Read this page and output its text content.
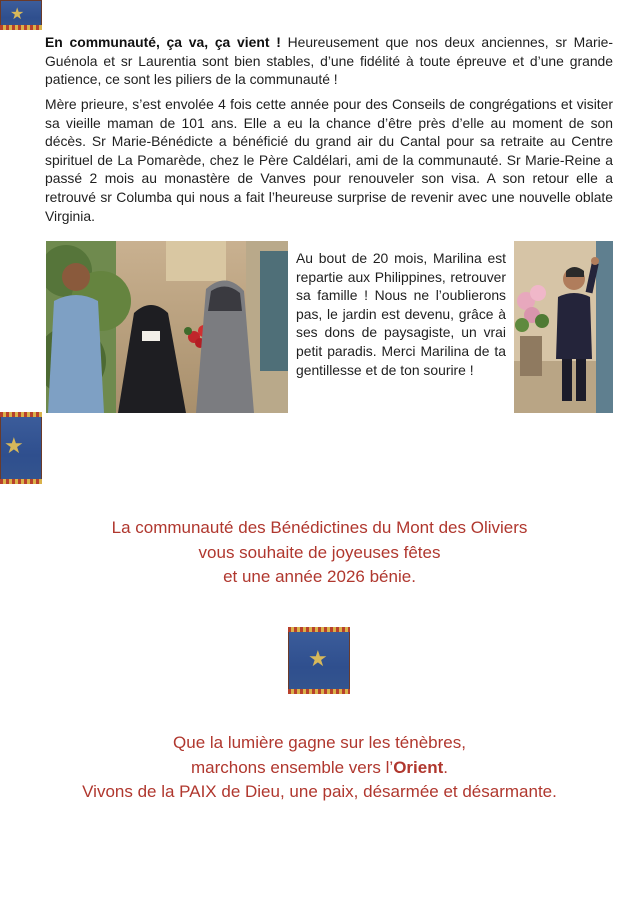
★

En communauté, ça va, ça vient ! Heureusement que nos deux anciennes, sr Marie-Guénola et sr Laurentia sont bien stables, d’une fidélité à toute épreuve et d’une grande patience, ce sont les piliers de la communauté !

Mère prieure, s’est envolée 4 fois cette année pour des Conseils de congrégations et visiter sa vieille maman de 101 ans. Elle a eu la chance d’être près d’elle au moment de son décès. Sr Marie-Bénédicte a bénéficié du grand air du Cantal pour sa retraite au Centre spirituel de La Pomarède, chez le Père Caldélari, ami de la communauté. Sr Marie-Reine a passé 2 mois au monastère de Vanves pour renouveler son visa. A son retour elle a retrouvé sr Columba qui nous a fait l’heureuse surprise de revenir avec une nouvelle oblate Virginia.

Au bout de 20 mois, Marilina est repartie aux Philippines, retrouver sa famille ! Nous ne l’oublierons pas, le jardin est devenu, grâce à ses dons de paysagiste, un vrai petit paradis. Merci Marilina de ta gentillesse et de ton sourire !

★
La communauté des Bénédictines du Mont des Oliviers
vous souhaite de joyeuses fêtes
et une année 2026 bénie.
★
Que la lumière gagne sur les ténèbres,
marchons ensemble vers l’Orient.
Vivons de la PAIX de Dieu, une paix, désarmée et désarmante.
